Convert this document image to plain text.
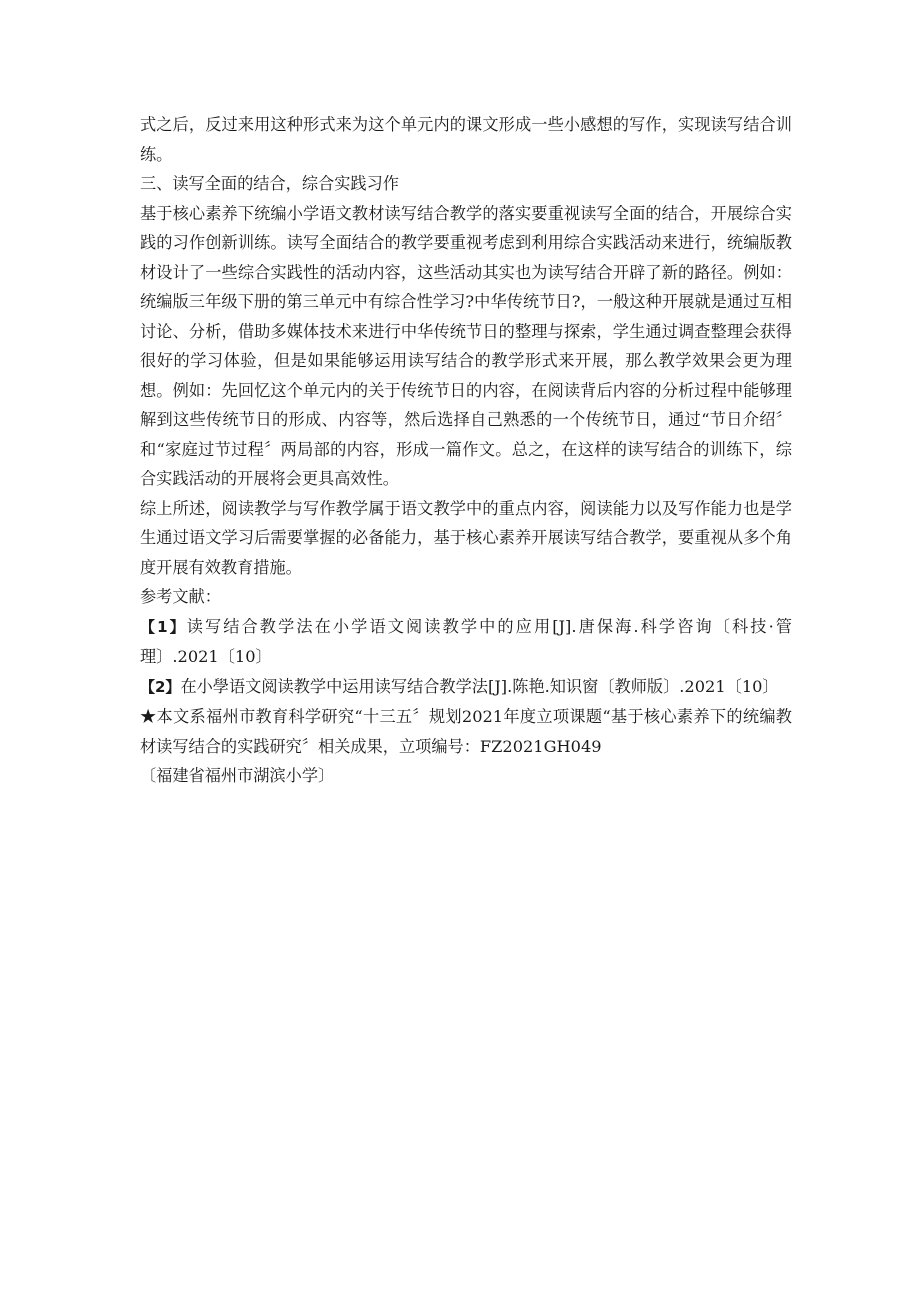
式之后，反过来用这种形式来为这个单元内的课文形成一些小感想的写作，实现读写结合训练。

三、读写全面的结合，综合实践习作

基于核心素养下统编小学语文教材读写结合教学的落实要重视读写全面的结合，开展综合实践的习作创新训练。读写全面结合的教学要重视考虑到利用综合实践活动来进行，统编版教材设计了一些综合实践性的活动内容，这些活动其实也为读写结合开辟了新的路径。例如：统编版三年级下册的第三单元中有综合性学习?中华传统节日?，一般这种开展就是通过互相讨论、分析，借助多媒体技术来进行中华传统节日的整理与探索，学生通过调查整理会获得很好的学习体验，但是如果能够运用读写结合的教学形式来开展，那么教学效果会更为理想。例如：先回忆这个单元内的关于传统节日的内容，在阅读背后内容的分析过程中能够理解到这些传统节日的形成、内容等，然后选择自己熟悉的一个传统节日，通过“节日介绍〞和“家庭过节过程〞两局部的内容，形成一篇作文。总之，在这样的读写结合的训练下，综合实践活动的开展将会更具高效性。

综上所述，阅读教学与写作教学属于语文教学中的重点内容，阅读能力以及写作能力也是学生通过语文学习后需要掌握的必备能力，基于核心素养开展读写结合教学，要重视从多个角度开展有效教育措施。

参考文献：

【1】读写结合教学法在小学语文阅读教学中的应用[J].唐保海.科学咨询〔科技·管理〕.2021〔10〕

【2】在小學语文阅读教学中运用读写结合教学法[J].陈艳.知识窗〔教师版〕.2021〔10〕

★本文系福州市教育科学研究“十三五〞规划2021年度立项课题“基于核心素养下的统编教材读写结合的实践研究〞相关成果，立项编号：FZ2021GH049

〔福建省福州市湖滨小学〕
